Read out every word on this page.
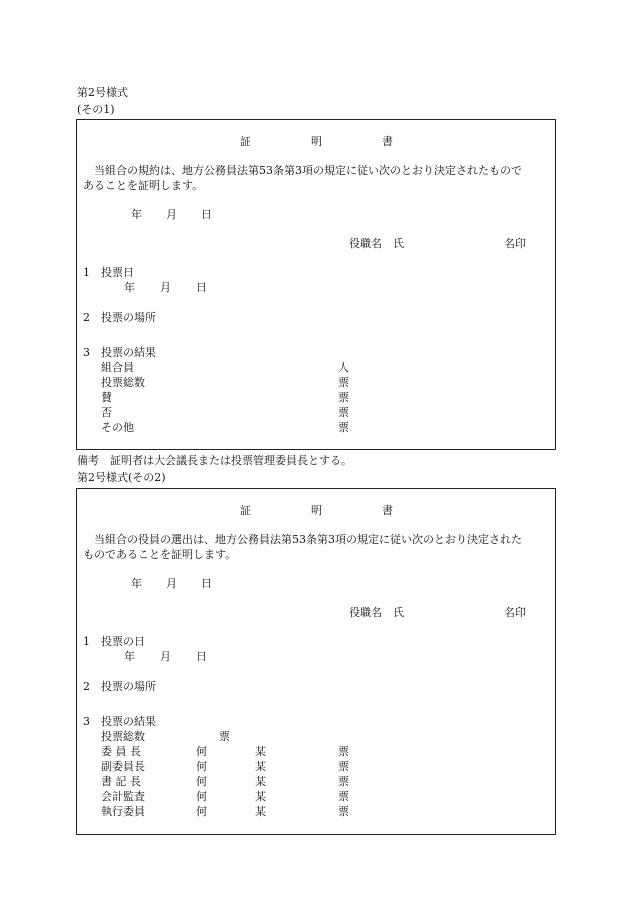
第2号様式
(その1)
証	明	書
当組合の規約は、地方公務員法第53条第3項の規定に従い次のとおり決定されたもので
あることを証明します。
年 月 日
役職名　氏	名印
1　投票日
年 月 日
2　投票の場所
3　投票の結果
組合員	人
投票総数	票
賛	票
否	票
その他	票
備考　証明者は大会議長または投票管理委員長とする。
第2号様式(その2)
証	明	書
当組合の役員の選出は、地方公務員法第53条第3項の規定に従い次のとおり決定された
ものであることを証明します。
年 月 日
役職名　氏	名印
1　投票の日
年 月 日
2　投票の場所
3　投票の結果
投票総数	票
委 員 長	何	某	票
副委員長	何	某	票
書 記 長	何	某	票
会計監査	何	某	票
執行委員	何	某	票
